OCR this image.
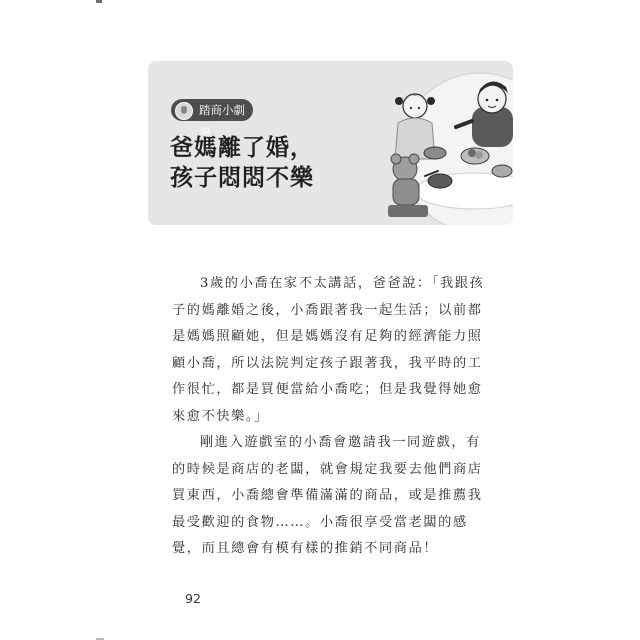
踏商小劇場
爸媽離了婚，
孩子悶悶不樂

3歲的小喬在家不太講話，爸爸說：「我跟孩子的媽離婚之後，小喬跟著我一起生活；以前都是媽媽照顧她，但是媽媽沒有足夠的經濟能力照顧小喬，所以法院判定孩子跟著我，我平時的工作很忙，都是買便當給小喬吃；但是我覺得她愈來愈不快樂。」

剛進入遊戲室的小喬會邀請我一同遊戲，有的時候是商店的老闆，就會規定我要去他們商店買東西，小喬總會準備滿滿的商品，或是推薦我最受歡迎的食物……。小喬很享受當老闆的感覺，而且總會有模有樣的推銷不同商品！

92
